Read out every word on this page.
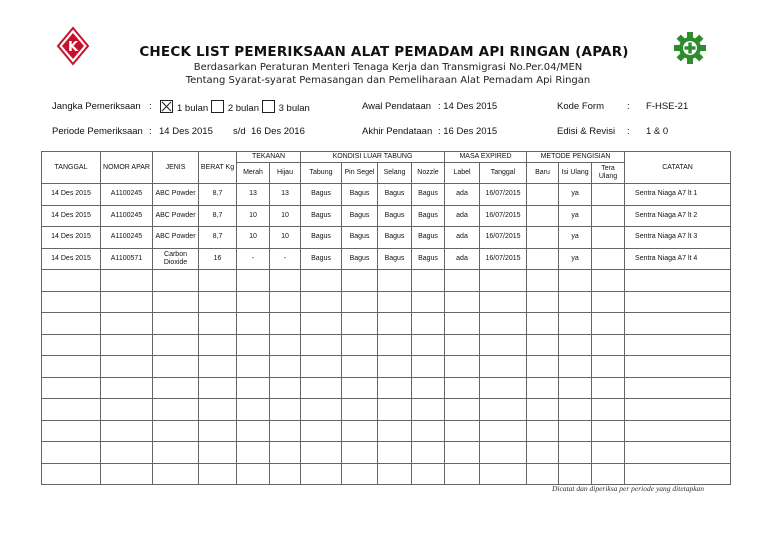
K	CHECK LIST PEMERIKSAAN ALAT PEMADAM API RINGAN (APAR)
Berdasarkan Peraturan Menteri Tenaga Kerja dan Transmigrasi No.Per.04/MEN
Tentang Syarat-syarat Pemasangan dan Pemeliharaan Alat Pemadam Api Ringan
Jangka Pemeriksaan :	1 bulan 2 bulan 3 bulan	Awal Pendataan : 14 Des 2015	Kode Form : F-HSE-21
Periode Pemeriksaan : 14 Des 2015 s/d 16 Des 2016	Akhir Pendataan : 16 Des 2015	Edisi & Revisi : 1 & 0
TANGGAL	NOMOR APAR	JENIS	BERAT Kg	TEKANAN		KONDISI LUAR TABUNG				MASA EXPIRED		METODE PENGISIAN			CATATAN
				Merah	Hijau	Tabung	Pin Segel	Selang	Nozzle	Label	Tanggal	Baru	Isi Ulang	Tera Ulang	
14 Des 2015	A1100245	ABC Powder	8,7	13	13	Bagus	Bagus	Bagus	Bagus	ada	16/07/2015		ya		Sentra Niaga A7 lt 1
14 Des 2015	A1100245	ABC Powder	8,7	10	10	Bagus	Bagus	Bagus	Bagus	ada	16/07/2015		ya		Sentra Niaga A7 lt 2
14 Des 2015	A1100245	ABC Powder	8,7	10	10	Bagus	Bagus	Bagus	Bagus	ada	16/07/2015		ya		Sentra Niaga A7 lt 3
14 Des 2015	A1100571	Carbon Dioxide	16	-	-	Bagus	Bagus	Bagus	Bagus	ada	16/07/2015		ya		Sentra Niaga A7 lt 4

Dicatat dan diperiksa per periode yang ditetapkan
